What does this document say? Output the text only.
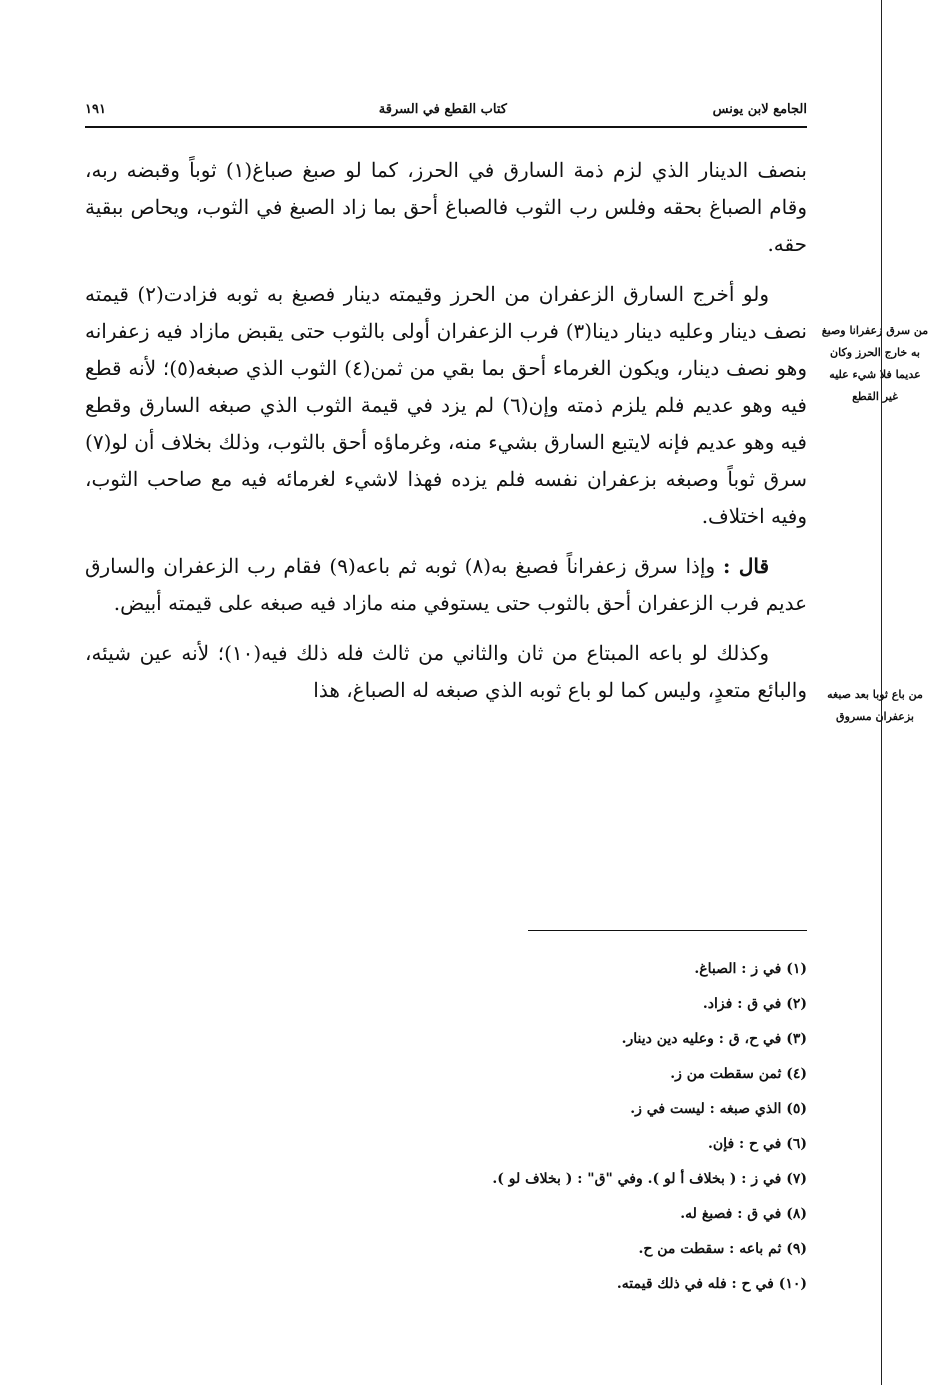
الجامع لابن يونس
كتاب القطع في السرقة
١٩١

بنصف الدينار الذي لزم ذمة السارق في الحرز، كما لو صبغ صباغ(١) ثوباً وقبضه ربه، وقام الصباغ بحقه وفلس رب الثوب فالصباغ أحق بما زاد الصبغ في الثوب، ويحاص ببقية حقه.

ولو أخرج السارق الزعفران من الحرز وقيمته دينار فصبغ به ثوبه فزادت(٢) قيمته نصف دينار وعليه دينار دينا(٣) فرب الزعفران أولى بالثوب حتى يقبض مازاد فيه زعفرانه وهو نصف دينار، ويكون الغرماء أحق بما بقي من ثمن(٤) الثوب الذي صبغه(٥)؛ لأنه قطع فيه وهو عديم فلم يلزم ذمته وإن(٦) لم يزد في قيمة الثوب الذي صبغه السارق وقطع فيه وهو عديم فإنه لايتبع السارق بشيء منه، وغرماؤه أحق بالثوب، وذلك بخلاف أن لو(٧) سرق ثوباً وصبغه بزعفران نفسه فلم يزده فهذا لاشيء لغرمائه فيه مع صاحب الثوب، وفيه اختلاف.

قال : وإذا سرق زعفراناً فصبغ به(٨) ثوبه ثم باعه(٩) فقام رب الزعفران والسارق عديم فرب الزعفران أحق بالثوب حتى يستوفي منه مازاد فيه صبغه على قيمته أبيض.

وكذلك لو باعه المبتاع من ثان والثاني من ثالث فله ذلك فيه(١٠)؛ لأنه عين شيئه، والبائع متعدٍ، وليس كما لو باع ثوبه الذي صبغه له الصباغ، هذا

من سرق زعفرانا وصبغ به خارج الحرز وكان عديما فلا شيء عليه غير القطع
من باع ثوبا بعد صبغه بزعفران مسروق
(١) في ز : الصباغ.
(٢) في ق : فزاد.
(٣) في ح، ق : وعليه دين دينار.
(٤) ثمن سقطت من ز.
(٥) الذي صبغه : ليست في ز.
(٦) في ح : فإن.
(٧) في ز : ( بخلاف أ لو ). وفي "ق" : ( بخلاف لو ).
(٨) في ق : فصبغ له.
(٩) ثم باعه : سقطت من ح.
(١٠) في ح : فله في ذلك قيمته.
